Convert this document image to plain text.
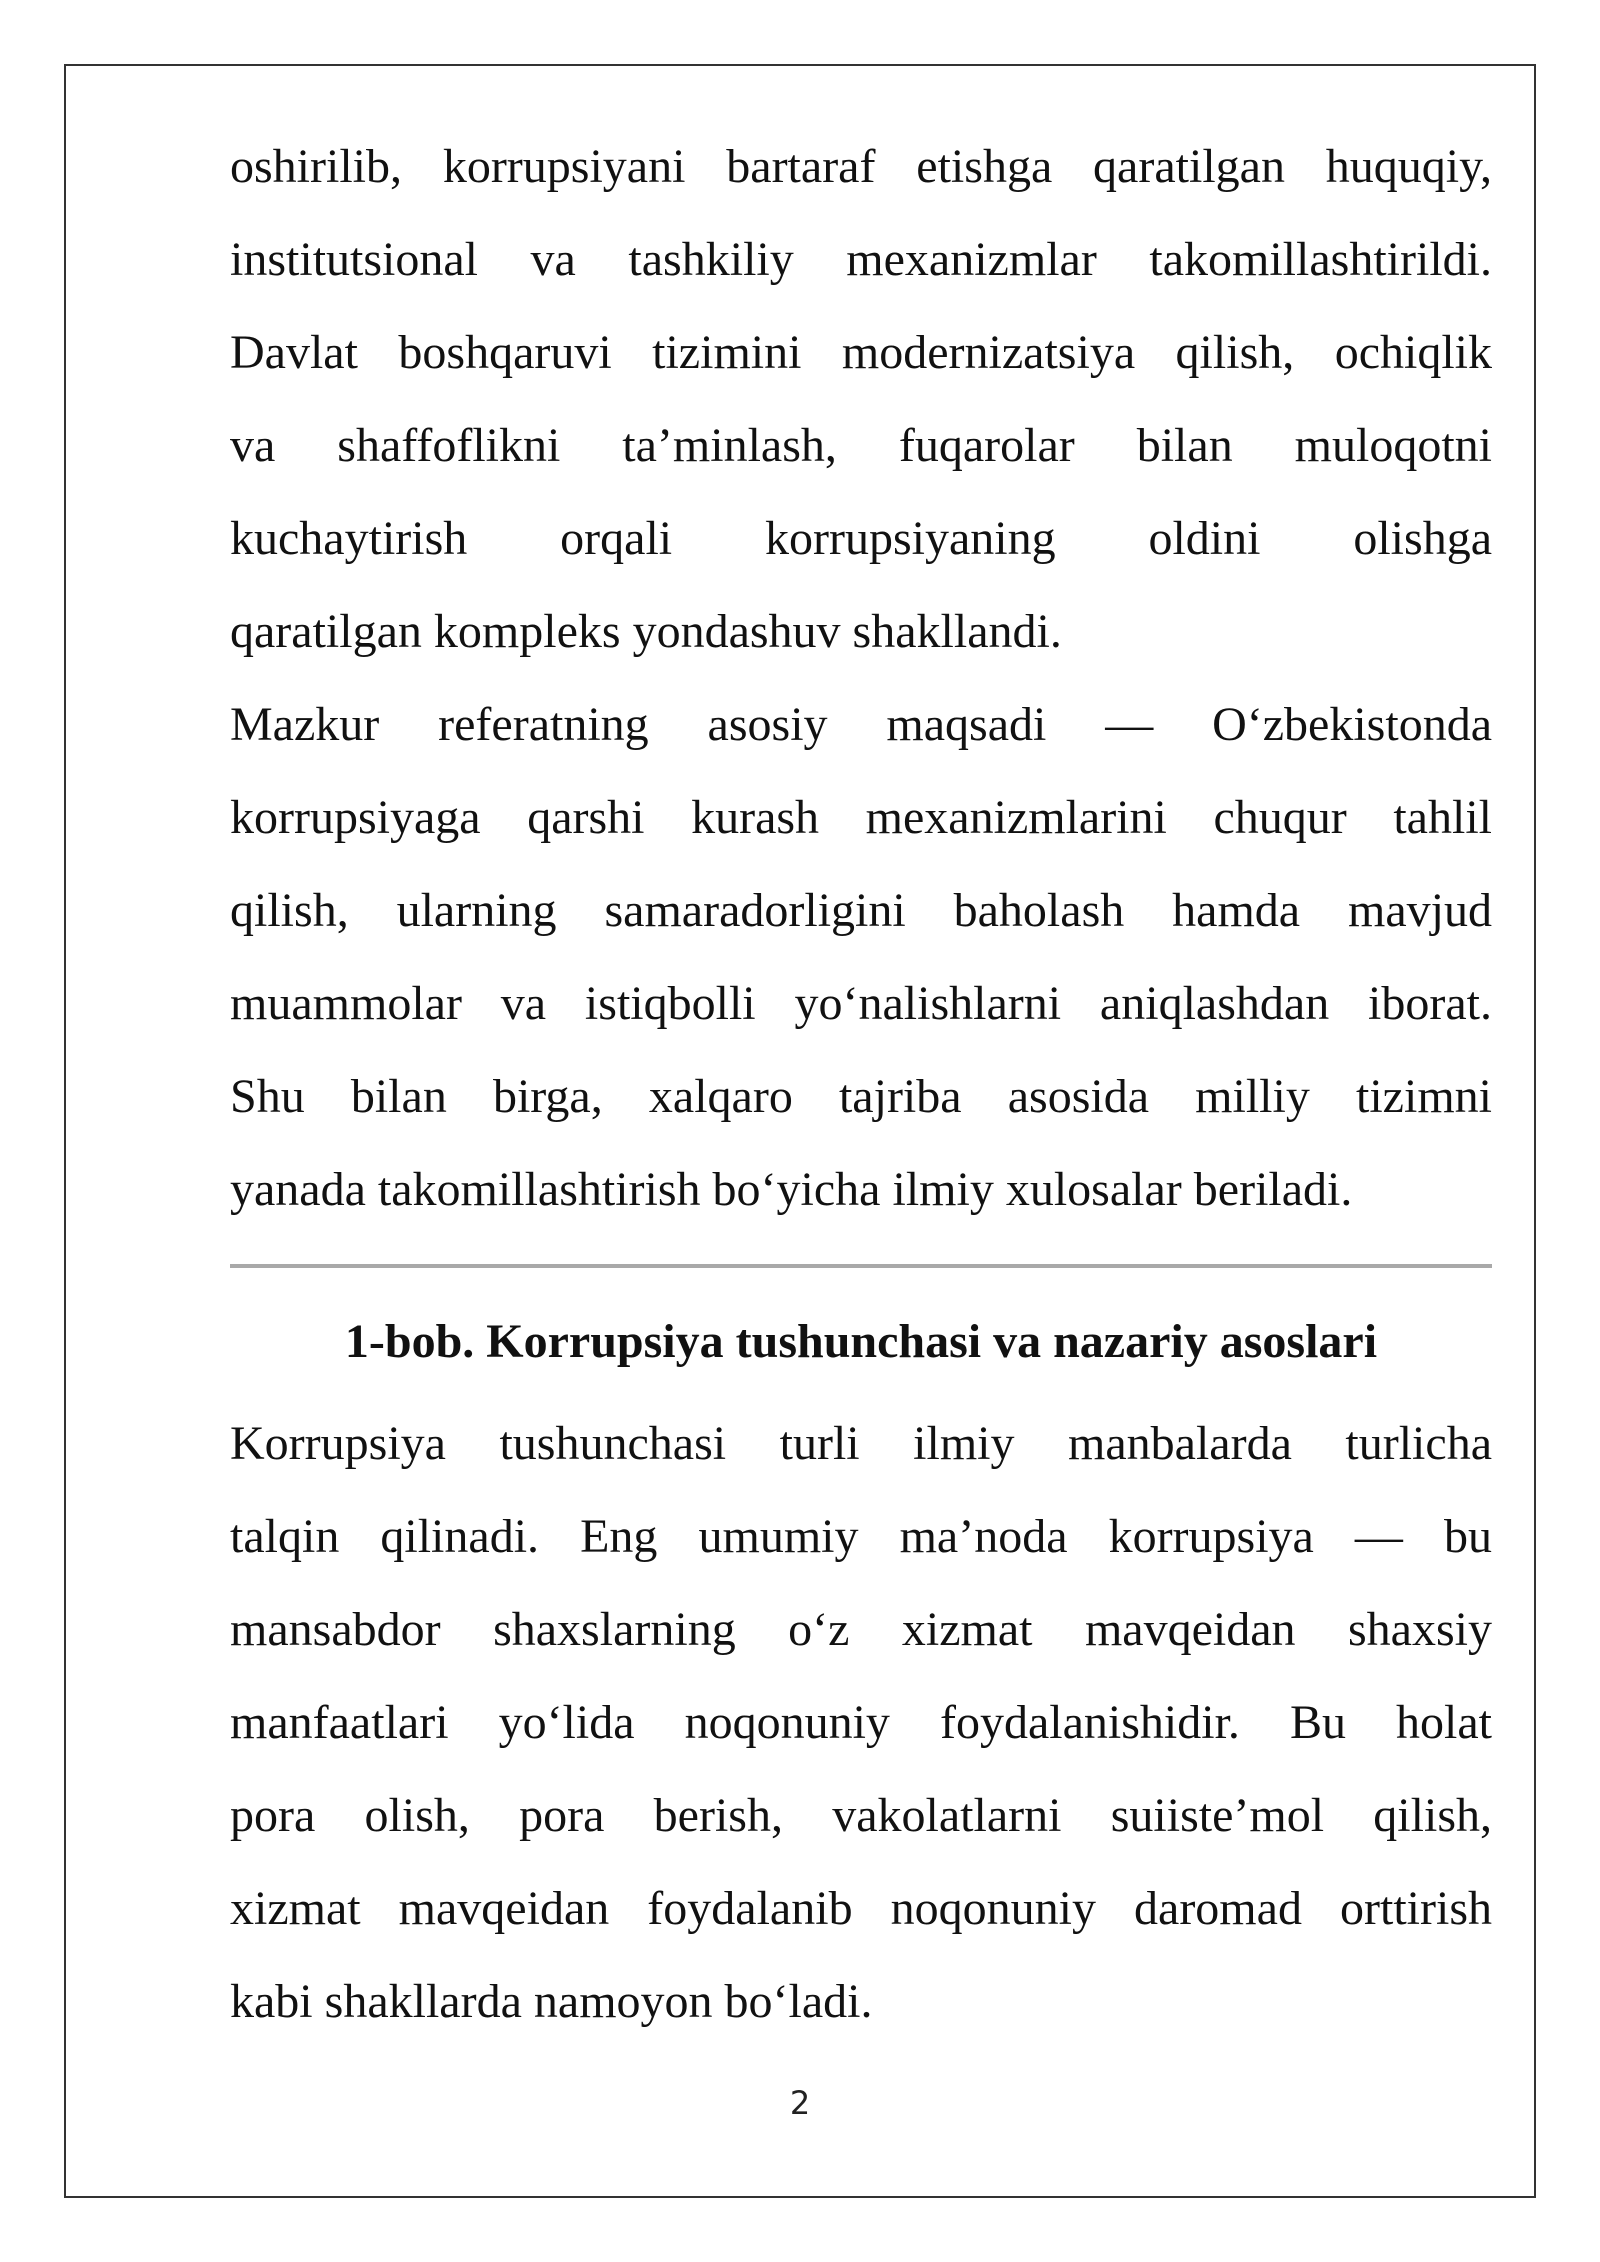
oshirilib, korrupsiyani bartaraf etishga qaratilgan huquqiy,
institutsional va tashkiliy mexanizmlar takomillashtirildi.
Davlat boshqaruvi tizimini modernizatsiya qilish, ochiqlik
va shaffoflikni ta’minlash, fuqarolar bilan muloqotni
kuchaytirish orqali korrupsiyaning oldini olishga
qaratilgan kompleks yondashuv shakllandi.
Mazkur referatning asosiy maqsadi — O‘zbekistonda
korrupsiyaga qarshi kurash mexanizmlarini chuqur tahlil
qilish, ularning samaradorligini baholash hamda mavjud
muammolar va istiqbolli yo‘nalishlarni aniqlashdan iborat.
Shu bilan birga, xalqaro tajriba asosida milliy tizimni
yanada takomillashtirish bo‘yicha ilmiy xulosalar beriladi.
1-bob. Korrupsiya tushunchasi va nazariy asoslari
Korrupsiya tushunchasi turli ilmiy manbalarda turlicha
talqin qilinadi. Eng umumiy ma’noda korrupsiya — bu
mansabdor shaxslarning o‘z xizmat mavqeidan shaxsiy
manfaatlari yo‘lida noqonuniy foydalanishidir. Bu holat
pora olish, pora berish, vakolatlarni suiiste’mol qilish,
xizmat mavqeidan foydalanib noqonuniy daromad orttirish
kabi shakllarda namoyon bo‘ladi.
2
